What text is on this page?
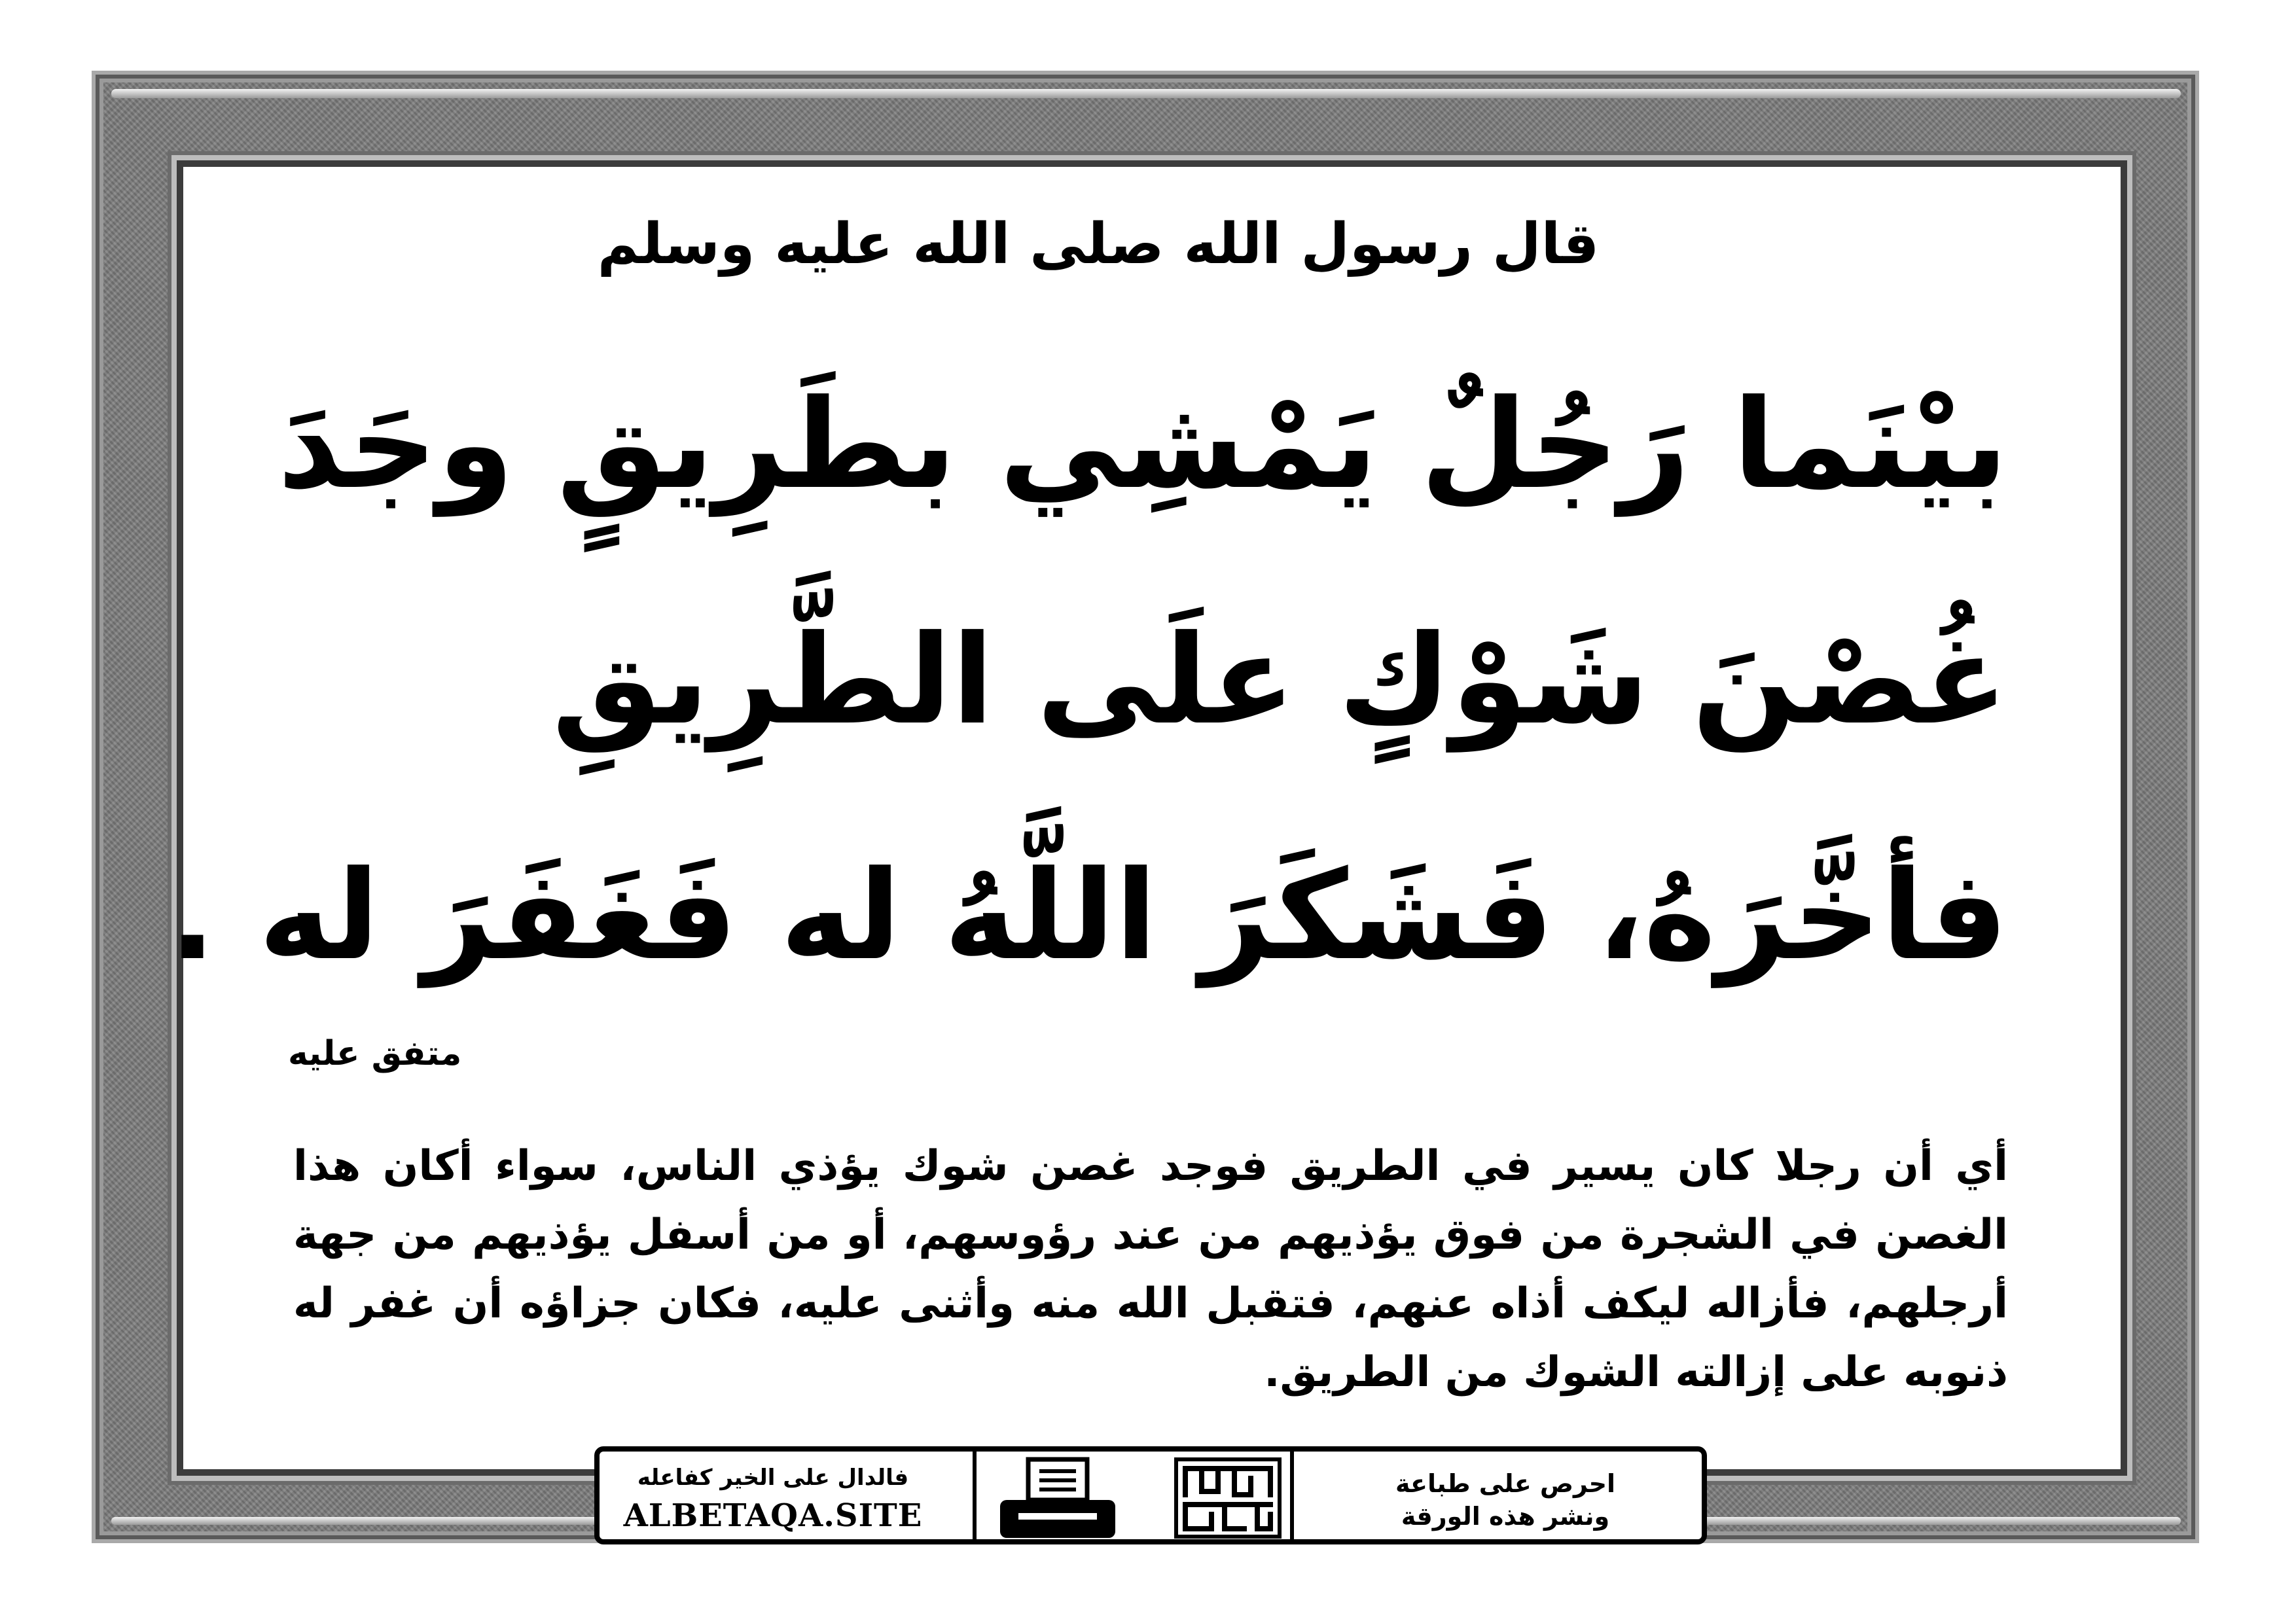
قال رسول الله صلى الله عليه وسلم
بيْنَما رَجُلٌ يَمْشِي بطَرِيقٍ وجَدَ
غُصْنَ شَوْكٍ علَى الطَّرِيقِ
فأخَّرَهُ، فَشَكَرَ اللَّهُ له فَغَفَرَ له .
متفق عليه
أي أن رجلا كان يسير في الطريق فوجد غصن شوك يؤذي الناس، سواء أكان هذا الغصن في الشجرة من فوق يؤذيهم من عند رؤوسهم، أو من أسفل يؤذيهم من جهة أرجلهم، فأزاله ليكف أذاه عنهم، فتقبل الله منه وأثنى عليه، فكان جزاؤه أن غفر له ذنوبه على إزالته الشوك من الطريق.
فالدال على الخير كفاعله
ALBETAQA.SITE
احرص على طباعة
ونشر هذه الورقة
